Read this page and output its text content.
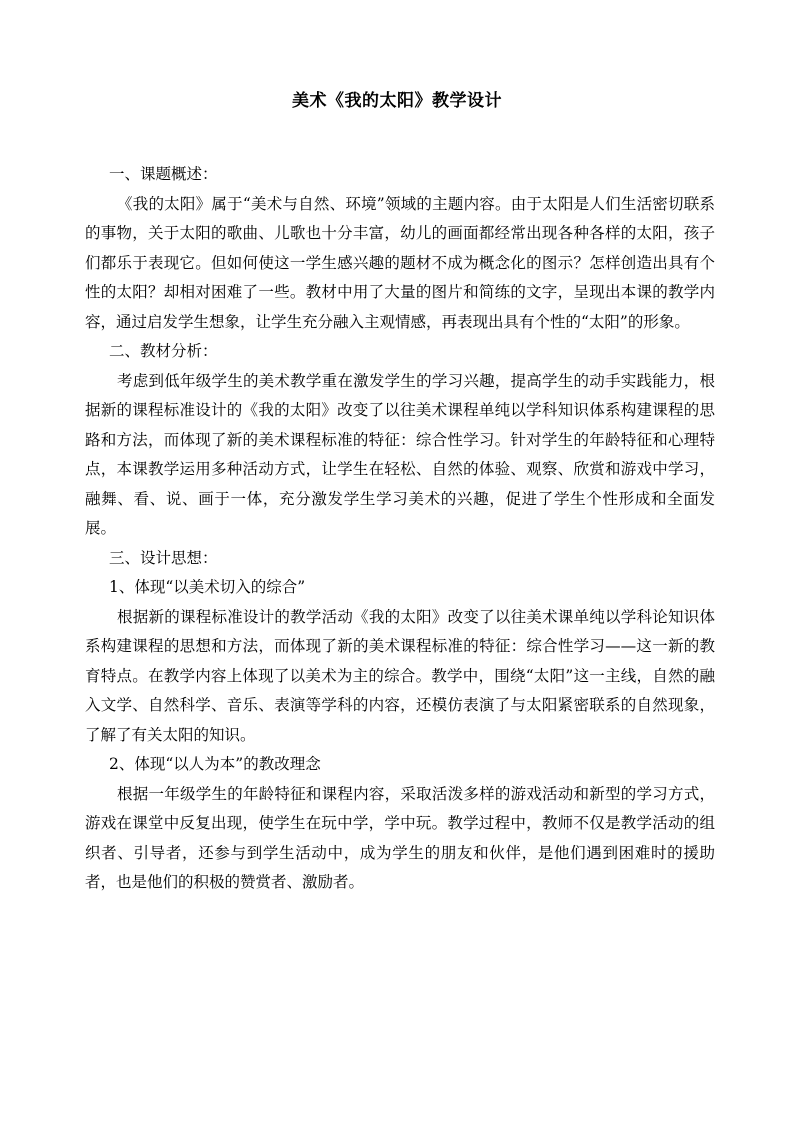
美术《我的太阳》教学设计

一、课题概述：

《我的太阳》属于“美术与自然、环境”领域的主题内容。由于太阳是人们生活密切联系的事物，关于太阳的歌曲、儿歌也十分丰富，幼儿的画面都经常出现各种各样的太阳，孩子们都乐于表现它。但如何使这一学生感兴趣的题材不成为概念化的图示？怎样创造出具有个性的太阳？却相对困难了一些。教材中用了大量的图片和简练的文字，呈现出本课的教学内容，通过启发学生想象，让学生充分融入主观情感，再表现出具有个性的“太阳”的形象。

二、教材分析：

考虑到低年级学生的美术教学重在激发学生的学习兴趣，提高学生的动手实践能力，根据新的课程标准设计的《我的太阳》改变了以往美术课程单纯以学科知识体系构建课程的思路和方法，而体现了新的美术课程标准的特征：综合性学习。针对学生的年龄特征和心理特点，本课教学运用多种活动方式，让学生在轻松、自然的体验、观察、欣赏和游戏中学习，融舞、看、说、画于一体，充分激发学生学习美术的兴趣，促进了学生个性形成和全面发展。

三、设计思想：

1、体现“以美术切入的综合”

根据新的课程标准设计的教学活动《我的太阳》改变了以往美术课单纯以学科论知识体系构建课程的思想和方法，而体现了新的美术课程标准的特征：综合性学习——这一新的教育特点。在教学内容上体现了以美术为主的综合。教学中，围绕“太阳”这一主线，自然的融入文学、自然科学、音乐、表演等学科的内容，还模仿表演了与太阳紧密联系的自然现象，了解了有关太阳的知识。

2、体现“以人为本”的教改理念

根据一年级学生的年龄特征和课程内容，采取活泼多样的游戏活动和新型的学习方式，游戏在课堂中反复出现，使学生在玩中学，学中玩。教学过程中，教师不仅是教学活动的组织者、引导者，还参与到学生活动中，成为学生的朋友和伙伴，是他们遇到困难时的援助者，也是他们的积极的赞赏者、激励者。
